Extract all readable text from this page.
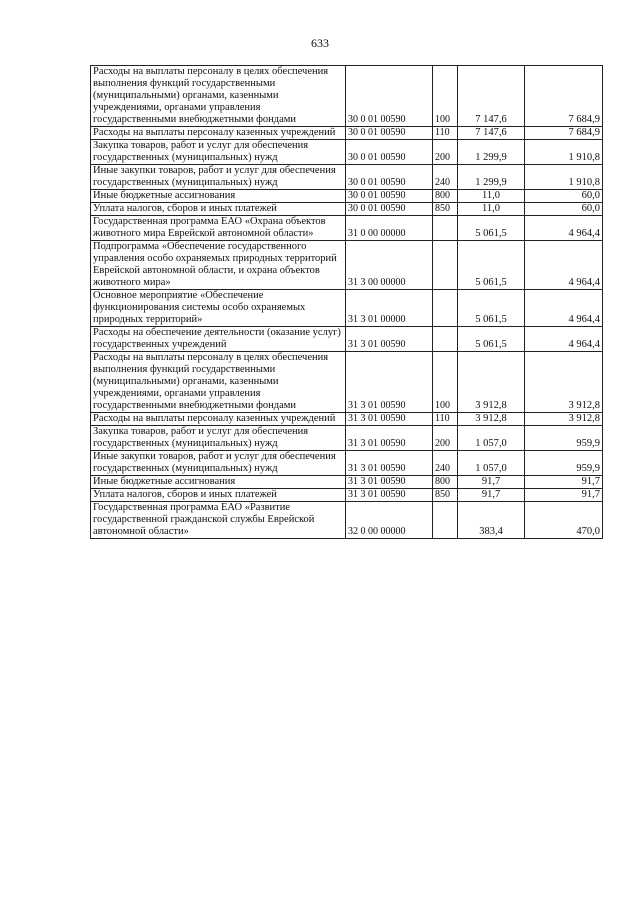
633
Расходы на выплаты персоналу в целях обеспечения выполнения функций государственными (муниципальными) органами, казенными учреждениями, органами управления государственными внебюджетными фондами	30 0 01 00590	100	7 147,6	7 684,9
Расходы на выплаты персоналу казенных учреждений	30 0 01 00590	110	7 147,6	7 684,9
Закупка товаров, работ и услуг для обеспечения государственных (муниципальных) нужд	30 0 01 00590	200	1 299,9	1 910,8
Иные закупки товаров, работ и услуг для обеспечения государственных (муниципальных) нужд	30 0 01 00590	240	1 299,9	1 910,8
Иные бюджетные ассигнования	30 0 01 00590	800	11,0	60,0
Уплата налогов, сборов и иных платежей	30 0 01 00590	850	11,0	60,0
Государственная программа ЕАО «Охрана объектов животного мира Еврейской автономной области»	31 0 00 00000		5 061,5	4 964,4
Подпрограмма «Обеспечение государственного управления особо охраняемых природных территорий Еврейской автономной области, и охрана объектов животного мира»	31 3 00 00000		5 061,5	4 964,4
Основное мероприятие «Обеспечение функционирования системы особо охраняемых природных территорий»	31 3 01 00000		5 061,5	4 964,4
Расходы на обеспечение деятельности (оказание услуг) государственных учреждений	31 3 01 00590		5 061,5	4 964,4
Расходы на выплаты персоналу в целях обеспечения выполнения функций государственными (муниципальными) органами, казенными учреждениями, органами управления государственными внебюджетными фондами	31 3 01 00590	100	3 912,8	3 912,8
Расходы на выплаты персоналу казенных учреждений	31 3 01 00590	110	3 912,8	3 912,8
Закупка товаров, работ и услуг для обеспечения государственных (муниципальных) нужд	31 3 01 00590	200	1 057,0	959,9
Иные закупки товаров, работ и услуг для обеспечения государственных (муниципальных) нужд	31 3 01 00590	240	1 057,0	959,9
Иные бюджетные ассигнования	31 3 01 00590	800	91,7	91,7
Уплата налогов, сборов и иных платежей	31 3 01 00590	850	91,7	91,7
Государственная программа ЕАО «Развитие государственной гражданской службы Еврейской автономной области»	32 0 00 00000		383,4	470,0
